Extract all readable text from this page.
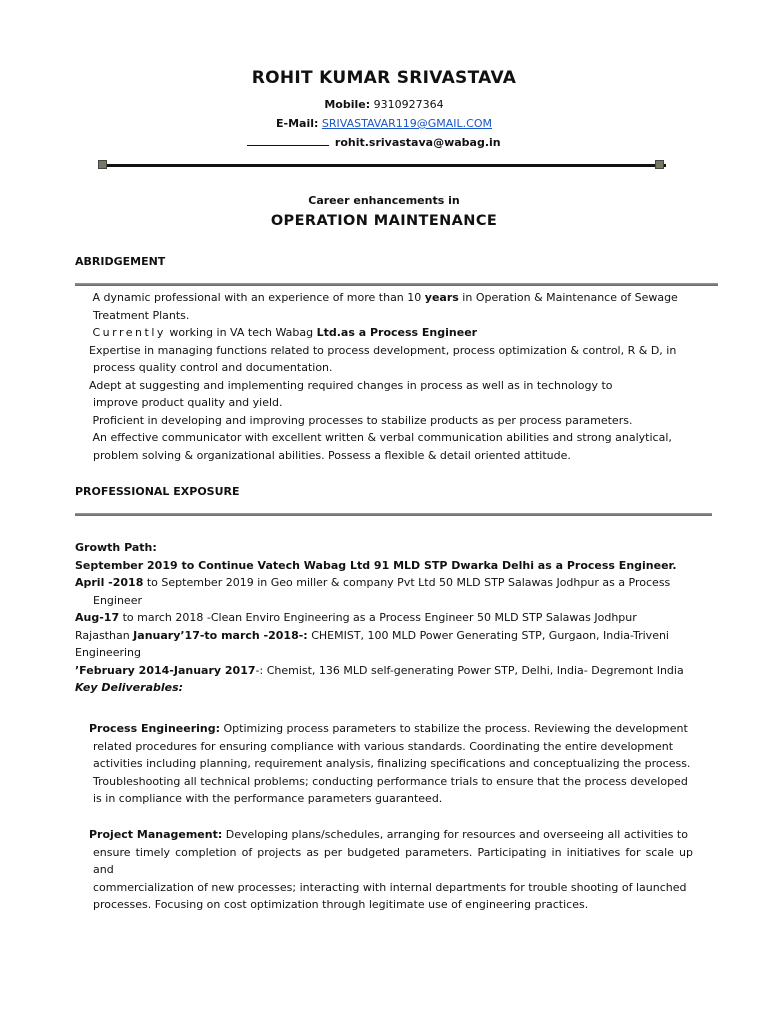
ROHIT KUMAR SRIVASTAVA
Mobile: 9310927364
E-Mail: SRIVASTAVAR119@GMAIL.COM
rohit.srivastava@wabag.in
Career enhancements in
OPERATION MAINTENANCE
ABRIDGEMENT
A dynamic professional with an experience of more than 10 years in Operation & Maintenance of Sewage
Treatment Plants.
Currently working in VA tech Wabag Ltd.as a Process Engineer
Expertise in managing functions related to process development, process optimization & control, R & D, in
process quality control and documentation.
Adept at suggesting and implementing required changes in process as well as in technology to
improve product quality and yield.
Proficient in developing and improving processes to stabilize products as per process parameters.
An effective communicator with excellent written & verbal communication abilities and strong analytical,
problem solving & organizational abilities. Possess a flexible & detail oriented attitude.
PROFESSIONAL EXPOSURE
Growth Path:
September 2019 to Continue Vatech Wabag Ltd 91 MLD STP Dwarka Delhi as a Process Engineer.
April -2018 to September 2019 in Geo miller & company Pvt Ltd 50 MLD STP Salawas Jodhpur as a Process
Engineer
Aug-17 to march 2018 -Clean Enviro Engineering as a Process Engineer 50 MLD STP Salawas Jodhpur
Rajasthan January’17-to march -2018-: CHEMIST, 100 MLD Power Generating STP, Gurgaon, India-Triveni
Engineering
’February 2014-January 2017-: Chemist, 136 MLD self-generating Power STP, Delhi, India- Degremont India
Key Deliverables:
Process Engineering: Optimizing process parameters to stabilize the process. Reviewing the development
related procedures for ensuring compliance with various standards. Coordinating the entire development
activities including planning, requirement analysis, finalizing specifications and conceptualizing the process.
Troubleshooting all technical problems; conducting performance trials to ensure that the process developed
is in compliance with the performance parameters guaranteed.
Project Management: Developing plans/schedules, arranging for resources and overseeing all activities to
ensure timely completion of projects as per budgeted parameters. Participating in initiatives for scale up and
commercialization of new processes; interacting with internal departments for trouble shooting of launched
processes. Focusing on cost optimization through legitimate use of engineering practices.
